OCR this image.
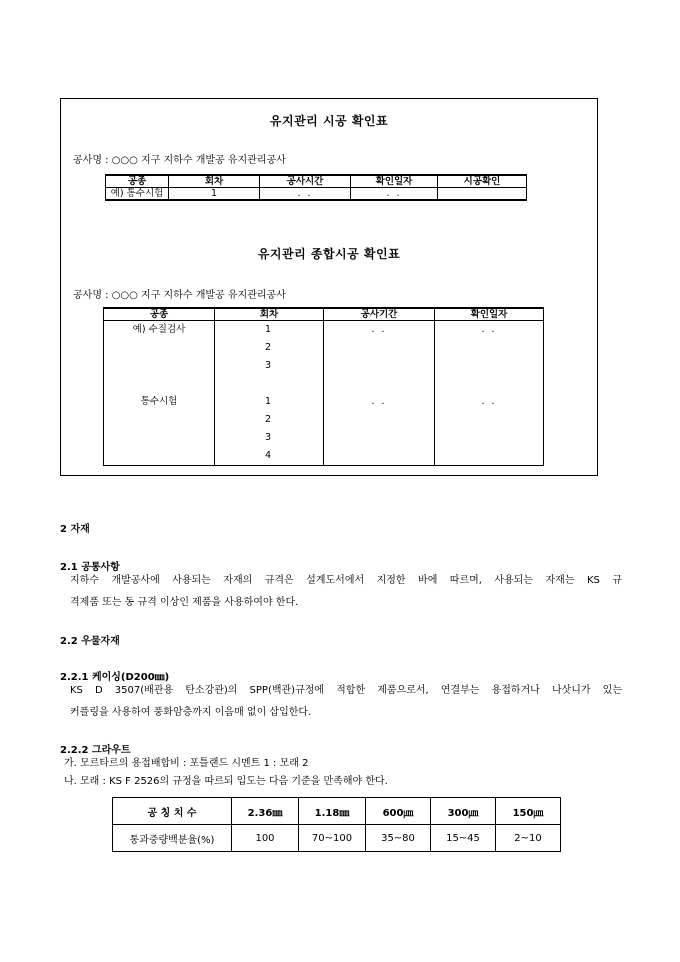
유지관리 시공 확인표
공사명 : ○○○ 지구 지하수 개발공 유지관리공사
공종	회차	공사시간	확인일자	시공확인
예) 통수시험	1	. .	. .	
유지관리 종합시공 확인표
공사명 : ○○○ 지구 지하수 개발공 유지관리공사
공종	회차	공사기간	확인일자
예) 수질검사	1	. .	. .
	2		
	3		

통수시험	1	. .	. .
	2		
	3		
	4		
2 자재
2.1 공통사항
지하수 개발공사에 사용되는 자재의 규격은 설계도서에서 지정한 바에 따르며, 사용되는 자재는 KS 규
격제품 또는 동 규격 이상인 제품을 사용하여야 한다.
2.2 우물자재
2.2.1 케이싱(D200㎜)
KS D 3507(배관용 탄소강관)의 SPP(백관)규정에 적합한 제품으로서, 연결부는 용접하거나 나삿니가 있는
커플링을 사용하여 풍화암층까지 이음매 없이 삽입한다.
2.2.2 그라우트
가. 모르타르의 용접배합비 : 포틀랜드 시멘트 1 : 모래 2
나. 모래 : KS F 2526의 규정을 따르되 입도는 다음 기준을 만족해야 한다.
공 칭 치 수	2.36㎜	1.18㎜	600㎛	300㎛	150㎛
통과중량백분율(%)	100	70~100	35~80	15~45	2~10
